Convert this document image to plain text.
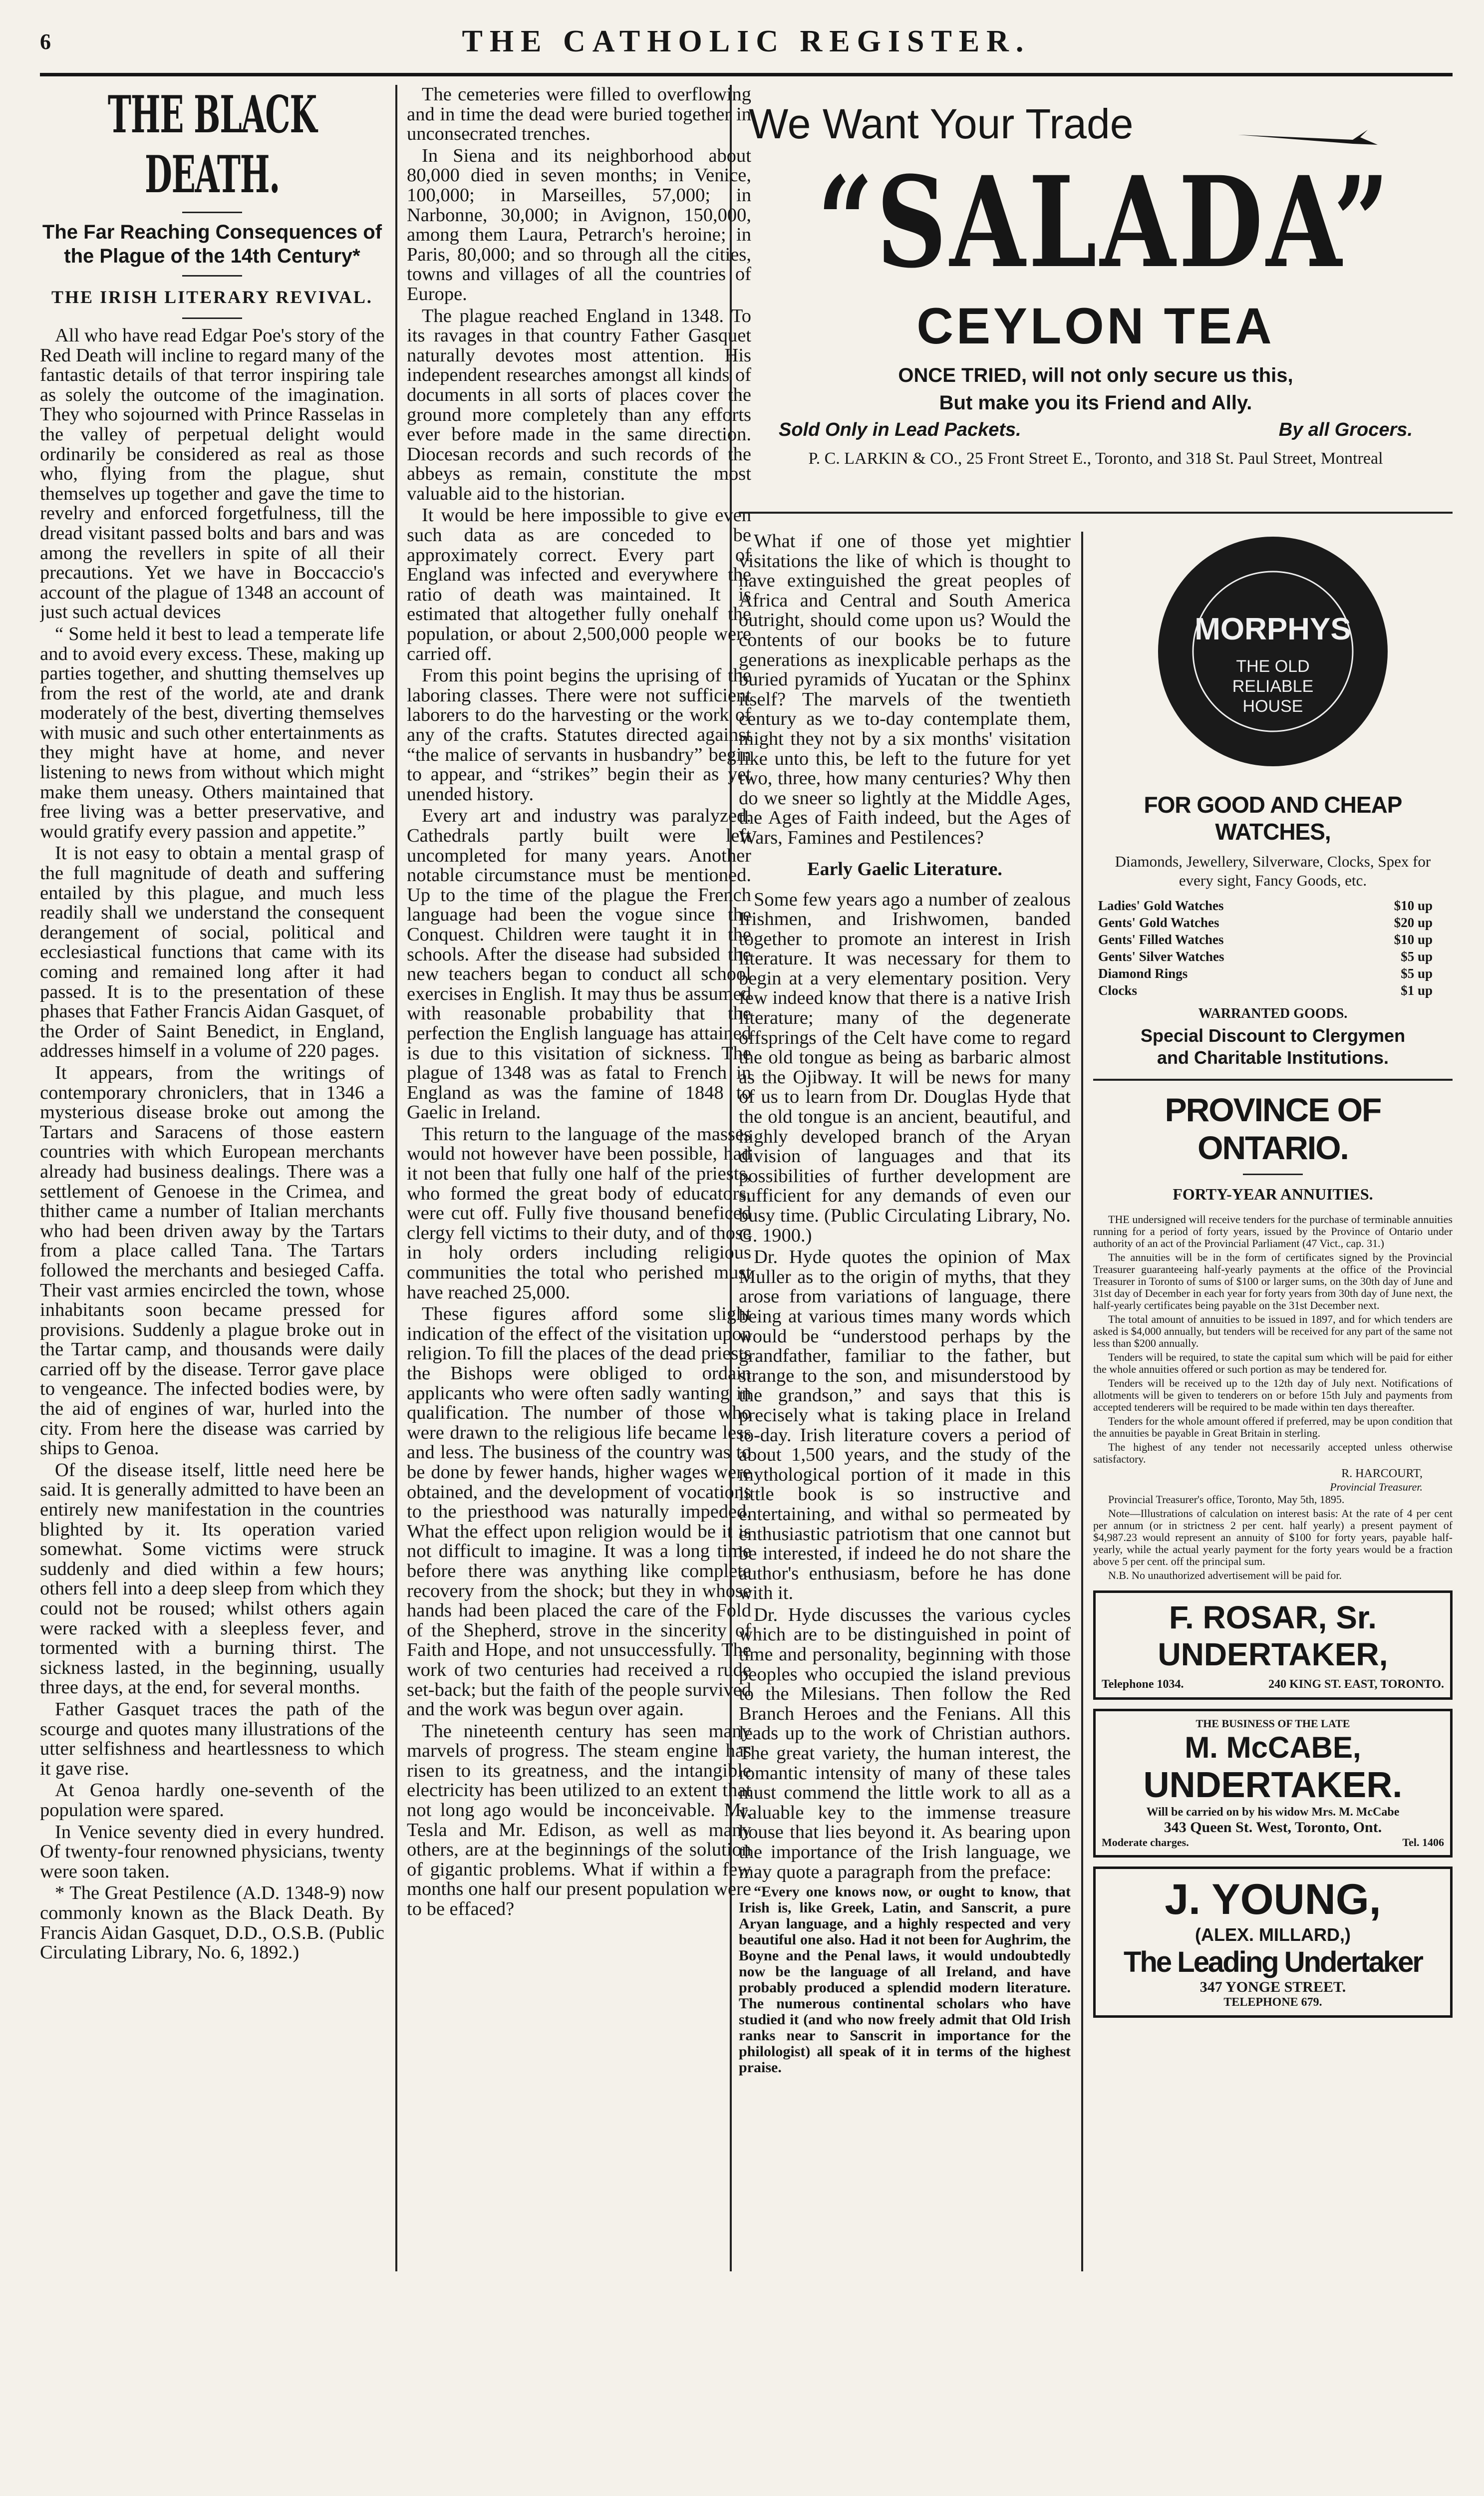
6	THE CATHOLIC REGISTER.
THE BLACK DEATH.
The Far Reaching Consequences of the Plague of the 14th Century*
THE IRISH LITERARY REVIVAL.

All who have read Edgar Poe's story of the Red Death will incline to regard many of the fantastic details of that terror inspiring tale as solely the outcome of the imagination. They who sojourned with Prince Rasselas in the valley of perpetual delight would ordinarily be considered as real as those who, flying from the plague, shut themselves up together and gave the time to revelry and enforced forgetfulness, till the dread visitant passed bolts and bars and was among the revellers in spite of all their precautions. Yet we have in Boccaccio's account of the plague of 1348 an account of just such actual devices

“ Some held it best to lead a temperate life and to avoid every excess. These, making up parties together, and shutting themselves up from the rest of the world, ate and drank moderately of the best, diverting themselves with music and such other entertainments as they might have at home, and never listening to news from without which might make them uneasy. Others maintained that free living was a better preservative, and would gratify every passion and appetite.”

It is not easy to obtain a mental grasp of the full magnitude of death and suffering entailed by this plague, and much less readily shall we understand the consequent derangement of social, political and ecclesiastical functions that came with its coming and remained long after it had passed. It is to the presentation of these phases that Father Francis Aidan Gasquet, of the Order of Saint Benedict, in England, addresses himself in a volume of 220 pages.

It appears, from the writings of contemporary chroniclers, that in 1346 a mysterious disease broke out among the Tartars and Saracens of those eastern countries with which European merchants already had business dealings. There was a settlement of Genoese in the Crimea, and thither came a number of Italian merchants who had been driven away by the Tartars from a place called Tana. The Tartars followed the merchants and besieged Caffa. Their vast armies encircled the town, whose inhabitants soon became pressed for provisions. Suddenly a plague broke out in the Tartar camp, and thousands were daily carried off by the disease. Terror gave place to vengeance. The infected bodies were, by the aid of engines of war, hurled into the city. From here the disease was carried by ships to Genoa.

Of the disease itself, little need here be said. It is generally admitted to have been an entirely new manifestation in the countries blighted by it. Its operation varied somewhat. Some victims were struck suddenly and died within a few hours; others fell into a deep sleep from which they could not be roused; whilst others again were racked with a sleepless fever, and tormented with a burning thirst. The sickness lasted, in the beginning, usually three days, at the end, for several months.

Father Gasquet traces the path of the scourge and quotes many illustrations of the utter selfishness and heartlessness to which it gave rise.

At Genoa hardly one-seventh of the population were spared.

In Venice seventy died in every hundred. Of twenty-four renowned physicians, twenty were soon taken.

* The Great Pestilence (A.D. 1348-9) now commonly known as the Black Death. By Francis Aidan Gasquet, D.D., O.S.B. (Public Circulating Library, No. 6, 1892.)

The cemeteries were filled to overflowing and in time the dead were buried together in unconsecrated trenches.

In Siena and its neighborhood about 80,000 died in seven months; in Venice, 100,000; in Marseilles, 57,000; in Narbonne, 30,000; in Avignon, 150,000, among them Laura, Petrarch's heroine; in Paris, 80,000; and so through all the cities, towns and villages of all the countries of Europe.

The plague reached England in 1348. To its ravages in that country Father Gasquet naturally devotes most attention. His independent researches amongst all kinds of documents in all sorts of places cover the ground more completely than any efforts ever before made in the same direction. Diocesan records and such records of the abbeys as remain, constitute the most valuable aid to the historian.

It would be here impossible to give even such data as are conceded to be approximately correct. Every part of England was infected and everywhere the ratio of death was maintained. It is estimated that altogether fully onehalf the population, or about 2,500,000 people were carried off.

From this point begins the uprising of the laboring classes. There were not sufficient laborers to do the harvesting or the work of any of the crafts. Statutes directed against “the malice of servants in husbandry” begin to appear, and “strikes” begin their as yet unended history.

Every art and industry was paralyzed. Cathedrals partly built were left uncompleted for many years. Another notable circumstance must be mentioned. Up to the time of the plague the French language had been the vogue since the Conquest. Children were taught it in the schools. After the disease had subsided the new teachers began to conduct all school exercises in English. It may thus be assumed with reasonable probability that the perfection the English language has attained is due to this visitation of sickness. The plague of 1348 was as fatal to French in England as was the famine of 1848 to Gaelic in Ireland.

This return to the language of the masses would not however have been possible, had it not been that fully one half of the priests, who formed the great body of educators, were cut off. Fully five thousand beneficed clergy fell victims to their duty, and of those in holy orders including religious communities the total who perished must have reached 25,000.

These figures afford some slight indication of the effect of the visitation upon religion. To fill the places of the dead priests the Bishops were obliged to ordain applicants who were often sadly wanting in qualification. The number of those who were drawn to the religious life became less and less. The business of the country was to be done by fewer hands, higher wages were obtained, and the development of vocations to the priesthood was naturally impeded. What the effect upon religion would be it is not difficult to imagine. It was a long time before there was anything like complete recovery from the shock; but they in whose hands had been placed the care of the Fold of the Shepherd, strove in the sincerity of Faith and Hope, and not unsuccessfully. The work of two centuries had received a rude set-back; but the faith of the people survived and the work was begun over again.

The nineteenth century has seen many marvels of progress. The steam engine has risen to its greatness, and the intangible electricity has been utilized to an extent that not long ago would be inconceivable. Mr. Tesla and Mr. Edison, as well as many others, are at the beginnings of the solution of gigantic problems. What if within a few months one half our present population were to be effaced?

We Want Your Trade
“SALADA”
CEYLON TEA
ONCE TRIED, will not only secure us this,
But make you its Friend and Ally.
Sold Only in Lead Packets.	By all Grocers.
P. C. LARKIN & CO., 25 Front Street E., Toronto, and 318 St. Paul Street, Montreal

What if one of those yet mightier visitations the like of which is thought to have extinguished the great peoples of Africa and Central and South America outright, should come upon us? Would the contents of our books be to future generations as inexplicable perhaps as the buried pyramids of Yucatan or the Sphinx itself? The marvels of the twentieth century as we to-day contemplate them, might they not by a six months' visitation like unto this, be left to the future for yet two, three, how many centuries? Why then do we sneer so lightly at the Middle Ages, the Ages of Faith indeed, but the Ages of Wars, Famines and Pestilences?

Early Gaelic Literature.

Some few years ago a number of zealous Irishmen, and Irishwomen, banded together to promote an interest in Irish literature. It was necessary for them to begin at a very elementary position. Very few indeed know that there is a native Irish literature; many of the degenerate offsprings of the Celt have come to regard the old tongue as being as barbaric almost as the Ojibway. It will be news for many of us to learn from Dr. Douglas Hyde that the old tongue is an ancient, beautiful, and highly developed branch of the Aryan division of languages and that its possibilities of further development are sufficient for any demands of even our busy time. (Public Circulating Library, No. G. 1900.)

Dr. Hyde quotes the opinion of Max Muller as to the origin of myths, that they arose from variations of language, there being at various times many words which would be “understood perhaps by the grandfather, familiar to the father, but strange to the son, and misunderstood by the grandson,” and says that this is precisely what is taking place in Ireland to-day. Irish literature covers a period of about 1,500 years, and the study of the mythological portion of it made in this little book is so instructive and entertaining, and withal so permeated by enthusiastic patriotism that one cannot but be interested, if indeed he do not share the author's enthusiasm, before he has done with it.

Dr. Hyde discusses the various cycles which are to be distinguished in point of time and personality, beginning with those peoples who occupied the island previous to the Milesians. Then follow the Red Branch Heroes and the Fenians. All this leads up to the work of Christian authors. The great variety, the human interest, the romantic intensity of many of these tales must commend the little work to all as a valuable key to the immense treasure house that lies beyond it. As bearing upon the importance of the Irish language, we may quote a paragraph from the preface:

“Every one knows now, or ought to know, that Irish is, like Greek, Latin, and Sanscrit, a pure Aryan language, and a highly respected and very beautiful one also. Had it not been for Aughrim, the Boyne and the Penal laws, it would undoubtedly now be the language of all Ireland, and have probably produced a splendid modern literature. The numerous continental scholars who have studied it (and who now freely admit that Old Irish ranks near to Sanscrit in importance for the philologist) all speak of it in terms of the highest praise.

MORPHYS
THE OLD RELIABLE HOUSE
FOR GOOD AND CHEAP WATCHES,
Diamonds, Jewellery, Silverware, Clocks, Spex for every sight, Fancy Goods, etc.
Ladies' Gold Watches	$10 up
Gents' Gold Watches	$20 up
Gents' Filled Watches	$10 up
Gents' Silver Watches	$5 up
Diamond Rings	$5 up
Clocks	$1 up
WARRANTED GOODS.
Special Discount to Clergymen and Charitable Institutions.
PROVINCE OF ONTARIO.
FORTY-YEAR ANNUITIES.

THE undersigned will receive tenders for the purchase of terminable annuities running for a period of forty years, issued by the Province of Ontario under authority of an act of the Provincial Parliament (47 Vict., cap. 31.)

The annuities will be in the form of certificates signed by the Provincial Treasurer guaranteeing half-yearly payments at the office of the Provincial Treasurer in Toronto of sums of $100 or larger sums, on the 30th day of June and 31st day of December in each year for forty years from 30th day of June next, the half-yearly certificates being payable on the 31st December next.

The total amount of annuities to be issued in 1897, and for which tenders are asked is $4,000 annually, but tenders will be received for any part of the same not less than $200 annually.

Tenders will be required, to state the capital sum which will be paid for either the whole annuities offered or such portion as may be tendered for.

Tenders will be received up to the 12th day of July next. Notifications of allotments will be given to tenderers on or before 15th July and payments from accepted tenderers will be required to be made within ten days thereafter.

Tenders for the whole amount offered if preferred, may be upon condition that the annuities be payable in Great Britain in sterling.

The highest of any tender not necessarily accepted unless otherwise satisfactory.

R. HARCOURT,
Provincial Treasurer.

Provincial Treasurer's office, Toronto, May 5th, 1895.

Note—Illustrations of calculation on interest basis: At the rate of 4 per cent per annum (or in strictness 2 per cent. half yearly) a present payment of $4,987.23 would represent an annuity of $100 for forty years, payable half-yearly, while the actual yearly payment for the forty years would be a fraction above 5 per cent. off the principal sum.

N.B. No unauthorized advertisement will be paid for.

F. ROSAR, Sr.
UNDERTAKER,
Telephone 1034.	240 KING ST. EAST, TORONTO.
THE BUSINESS OF THE LATE
M. McCABE,
UNDERTAKER.
Will be carried on by his widow Mrs. M. McCabe
343 Queen St. West, Toronto, Ont.
Moderate charges.	Tel. 1406
J. YOUNG,
(ALEX. MILLARD,)
The Leading Undertaker
347 YONGE STREET.
TELEPHONE 679.
